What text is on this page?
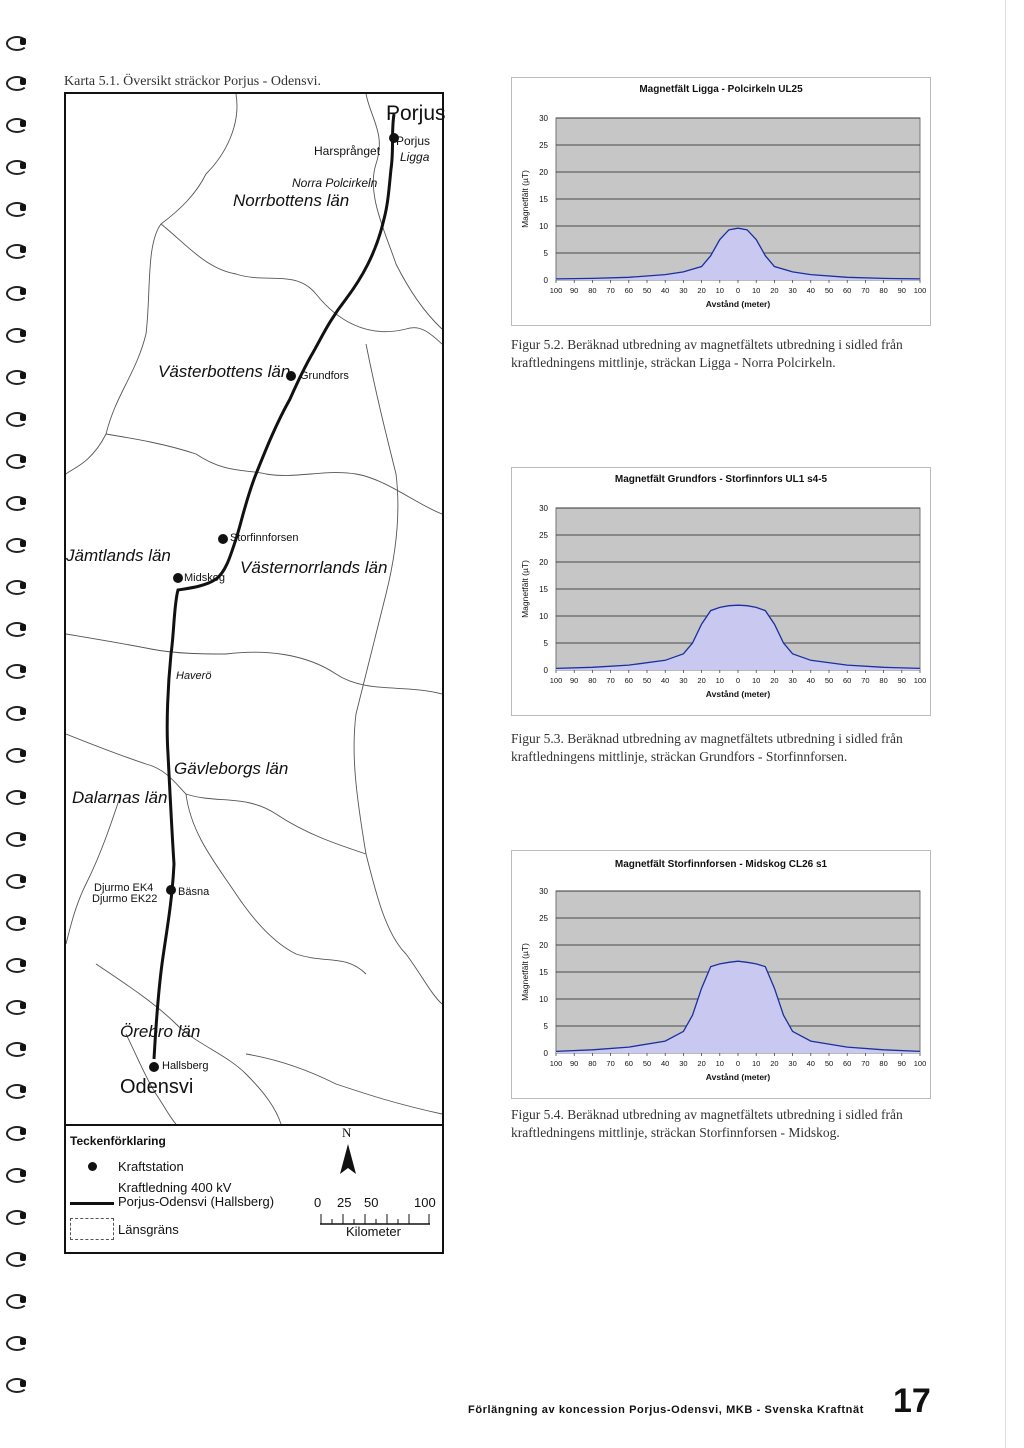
Karta 5.1. Översikt sträckor Porjus - Odensvi.
Porjus
Norrbottens län
Västerbottens län
Jämtlands län
Västernorrlands län
Gävleborgs län
Dalarnas län
Örebro län
Odensvi
Harsprånget
Porjus
Ligga
Norra Polcirkeln
Grundfors
Storfinnforsen
Midskog
Haverö
Djurmo EK4
Djurmo EK22
Bäsna
Hallsberg
Teckenförklaring
Kraftstation
Kraftledning 400 kV
Porjus-Odensvi (Hallsberg)
Länsgräns
N
0 25 50	100
Kilometer
Magnetfält Ligga - Polcirkeln UL25
0
5
10
15
20
25
30
100 90 80 70 60 50 40 30 20 10 0 10 20 30 40 50 60 70 80 90 100
Avstånd (meter)
Magnetfält (µT)
Figur 5.2. Beräknad utbredning av magnetfältets utbredning i sidled från kraftledningens mittlinje, sträckan Ligga - Norra Polcirkeln.
Magnetfält Grundfors - Storfinnfors UL1 s4-5
0
5
10
15
20
25
30
100 90 80 70 60 50 40 30 20 10 0 10 20 30 40 50 60 70 80 90 100
Avstånd (meter)
Magnetfält (µT)
Figur 5.3. Beräknad utbredning av magnetfältets utbredning i sidled från kraftledningens mittlinje, sträckan Grundfors - Storfinnforsen.
Magnetfält Storfinnforsen - Midskog CL26 s1
0
5
10
15
20
25
30
100 90 80 70 60 50 40 30 20 10 0 10 20 30 40 50 60 70 80 90 100
Avstånd (meter)
Magnetfält (µT)
Figur 5.4. Beräknad utbredning av magnetfältets utbredning i sidled från kraftledningens mittlinje, sträckan Storfinnforsen - Midskog.
Förlängning av koncession Porjus-Odensvi, MKB - Svenska Kraftnät 17
